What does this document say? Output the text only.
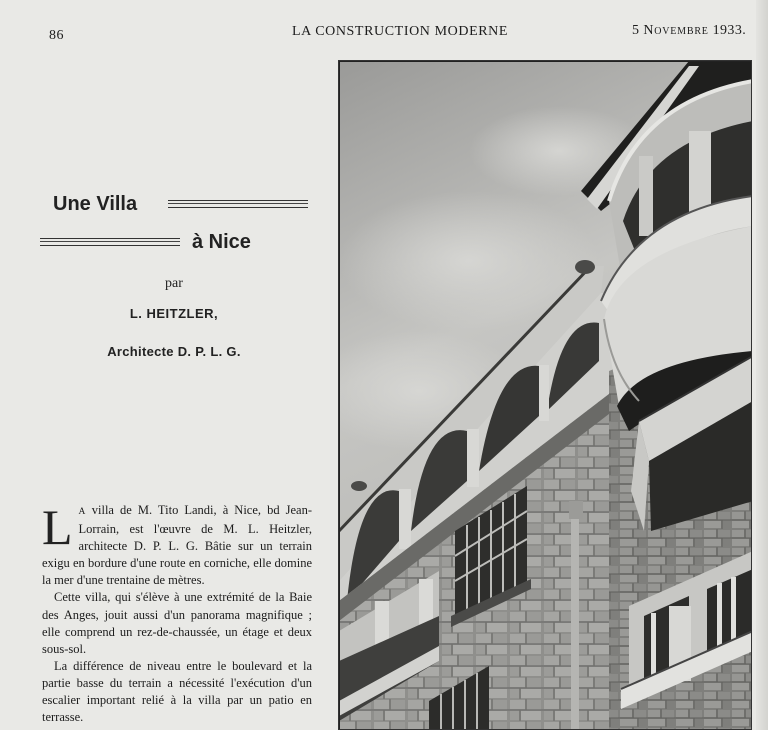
86	LA CONSTRUCTION MODERNE	5 Novembre 1933.
Une Villa
à Nice
par
L. HEITZLER,
Architecte D. P. L. G.

L A villa de M. Tito Landi, à Nice, bd Jean-Lorrain, est l'œuvre de M. L. Heitzler, architecte D. P. L. G. Bâtie sur un terrain exigu en bordure d'une route en corniche, elle domine la mer d'une trentaine de mètres.

Cette villa, qui s'élève à une extrémité de la Baie des Anges, jouit aussi d'un panorama magnifique ; elle comprend un rez-de-chaussée, un étage et deux sous-sol.

La différence de niveau entre le boulevard et la partie basse du terrain a nécessité l'exécution d'un escalier important relié à la villa par un patio en terrasse.
